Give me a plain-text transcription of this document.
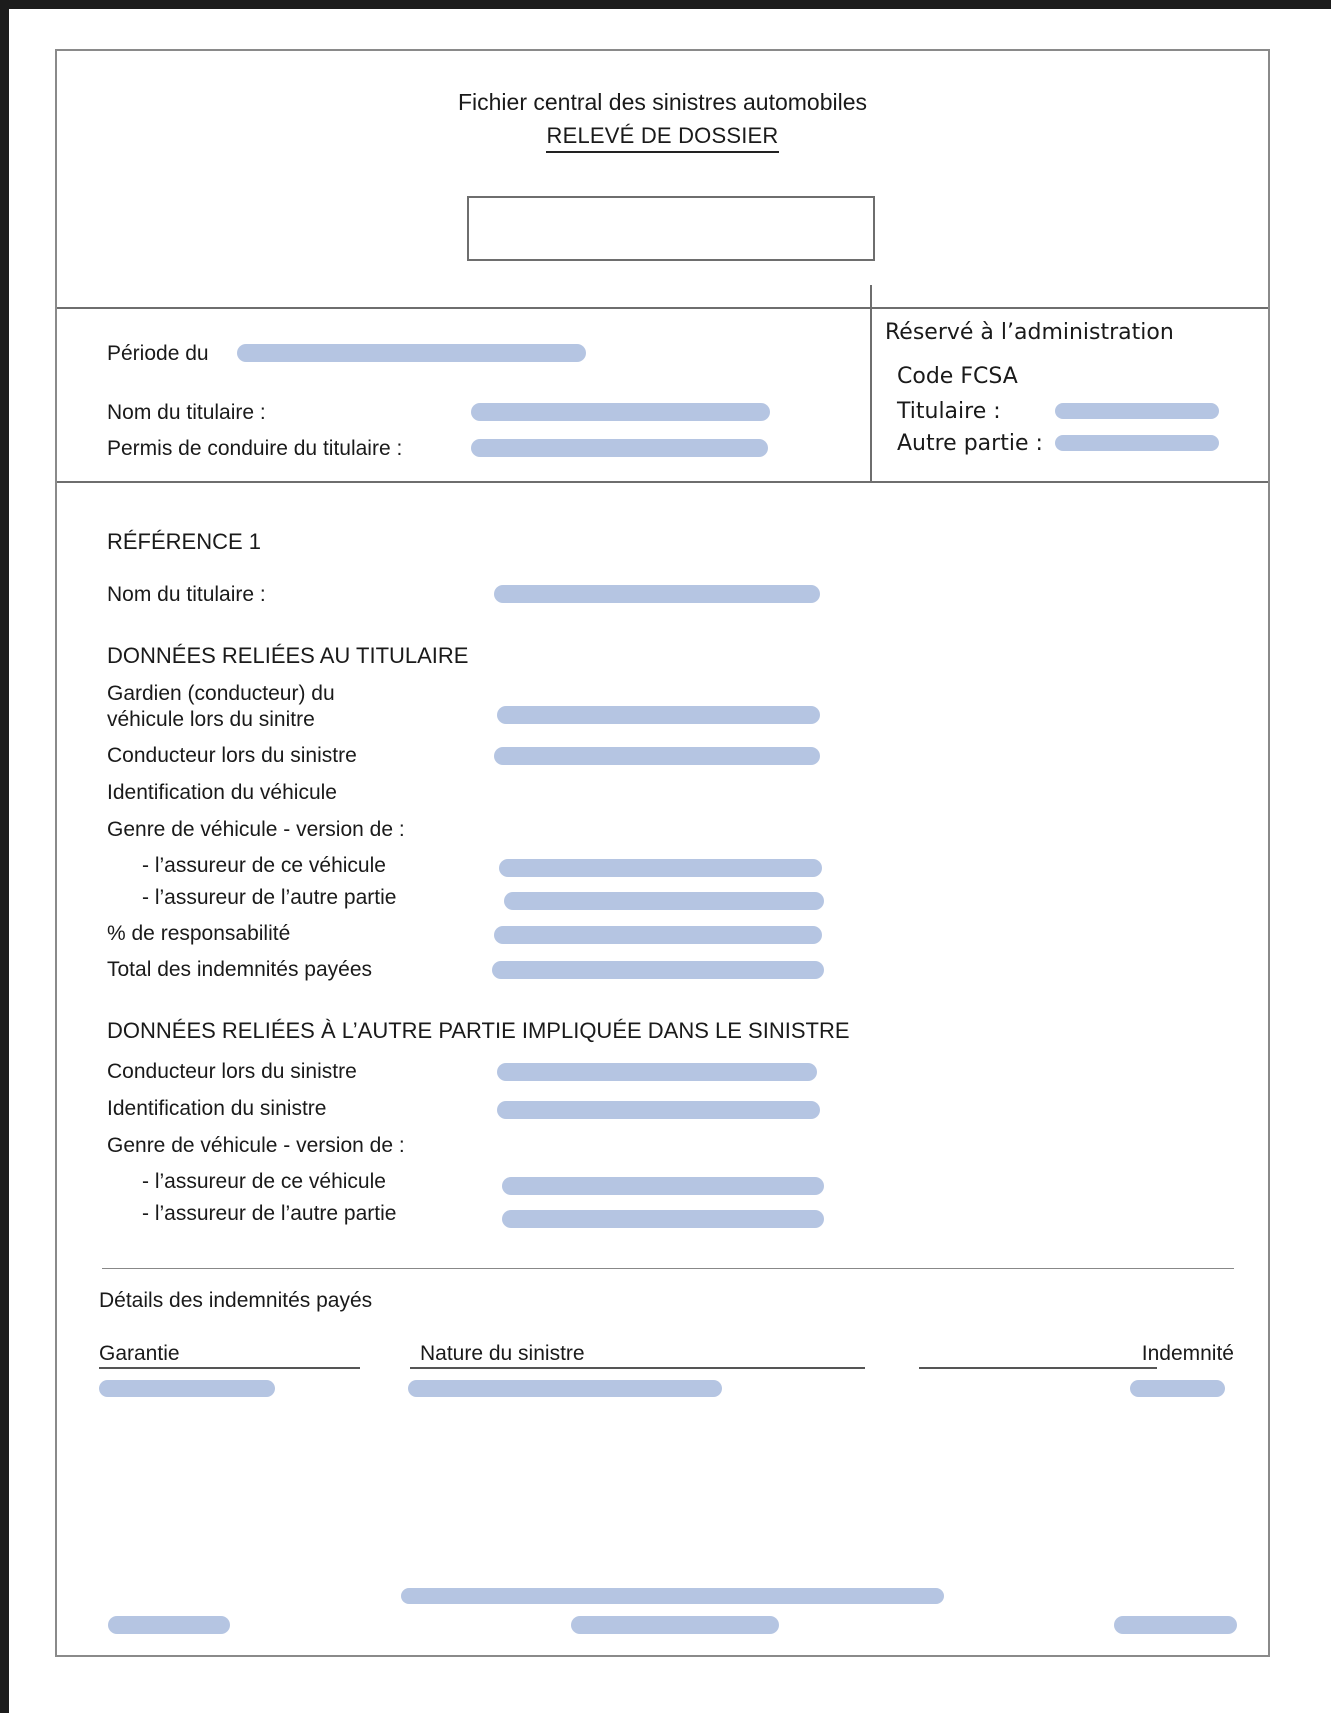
Fichier central des sinistres automobiles
RELEVÉ DE DOSSIER
Période du
Nom du titulaire :
Permis de conduire du titulaire :
Réservé à l’administration
Code FCSA
Titulaire :
Autre partie :
RÉFÉRENCE 1
Nom du titulaire :
DONNÉES RELIÉES AU TITULAIRE
Gardien (conducteur) du
véhicule lors du sinitre
Conducteur lors du sinistre
Identification du véhicule
Genre de véhicule - version de :
- l’assureur de ce véhicule
- l’assureur de l’autre partie
% de responsabilité
Total des indemnités payées
DONNÉES RELIÉES À L’AUTRE PARTIE IMPLIQUÉE DANS LE SINISTRE
Conducteur lors du sinistre
Identification du sinistre
Genre de véhicule - version de :
- l’assureur de ce véhicule
- l’assureur de l’autre partie
Détails des indemnités payés
Garantie	Nature du sinistre	Indemnité
